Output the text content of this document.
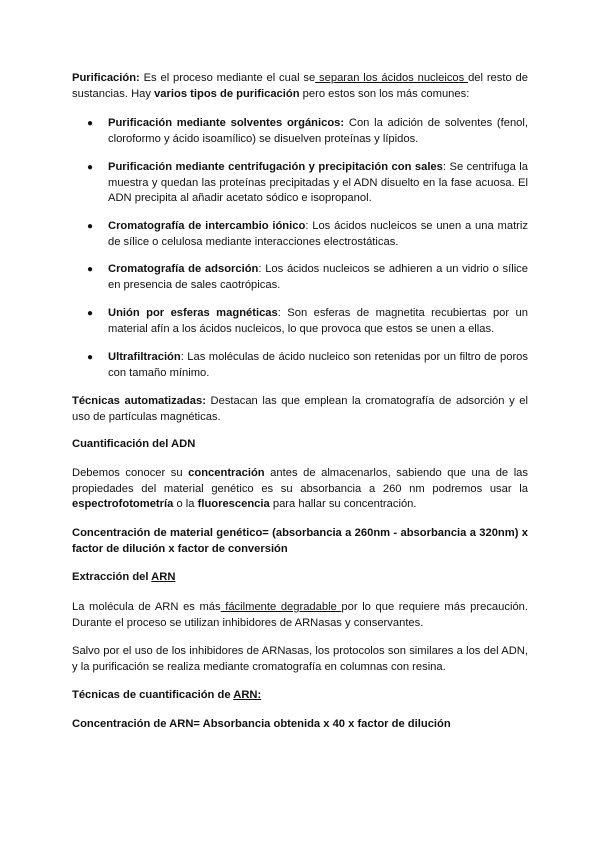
Purificación: Es el proceso mediante el cual se separan los ácidos nucleicos del resto de sustancias. Hay varios tipos de purificación pero estos son los más comunes:

● Purificación mediante solventes orgánicos: Con la adición de solventes (fenol, cloroformo y ácido isoamílico) se disuelven proteínas y lípidos.
● Purificación mediante centrifugación y precipitación con sales: Se centrifuga la muestra y quedan las proteínas precipitadas y el ADN disuelto en la fase acuosa. El ADN precipita al añadir acetato sódico e isopropanol.
● Cromatografía de intercambio iónico: Los ácidos nucleicos se unen a una matriz de sílice o celulosa mediante interacciones electrostáticas.
● Cromatografía de adsorción: Los ácidos nucleicos se adhieren a un vidrio o sílice en presencia de sales caotrópicas.
● Unión por esferas magnéticas: Son esferas de magnetita recubiertas por un material afín a los ácidos nucleicos, lo que provoca que estos se unen a ellas.
● Ultrafiltración: Las moléculas de ácido nucleico son retenidas por un filtro de poros con tamaño mínimo.

Técnicas automatizadas: Destacan las que emplean la cromatografía de adsorción y el uso de partículas magnéticas.

Cuantificación del ADN

Debemos conocer su concentración antes de almacenarlos, sabiendo que una de las propiedades del material genético es su absorbancia a 260 nm podremos usar la espectrofotometría o la fluorescencia para hallar su concentración.

Concentración de material genético= (absorbancia a 260nm - absorbancia a 320nm) x factor de dilución x factor de conversión

Extracción del ARN

La molécula de ARN es más fácilmente degradable por lo que requiere más precaución. Durante el proceso se utilizan inhibidores de ARNasas y conservantes.

Salvo por el uso de los inhibidores de ARNasas, los protocolos son similares a los del ADN, y la purificación se realiza mediante cromatografía en columnas con resina.

Técnicas de cuantificación de ARN:

Concentración de ARN= Absorbancia obtenida x 40 x factor de dilución
